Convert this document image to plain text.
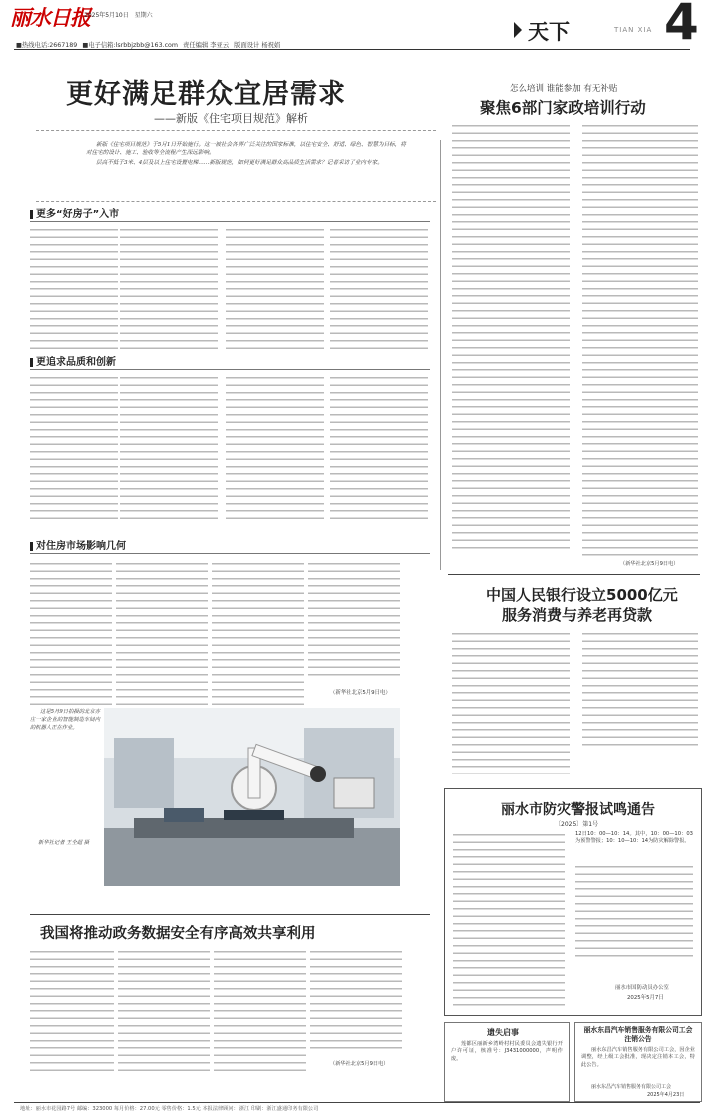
丽水日报
2025年5月10日 星期六
■热线电话:2667189 ■电子信箱:lsrbbjzbb@163.com 责任编辑 李亚云 版面设计 杨祝娟
天下	TIAN XIA 4
更好满足群众宜居需求
——新版《住宅项目规范》解析

新版《住宅项目规范》于5月1日开始施行。这一被社会各界广泛关注的国家标准，以住宅安全、舒适、绿色、智慧为目标，将对住宅的设计、施工、验收等全流程产生深远影响。

层高不低于3米、4层及以上住宅设置电梯……新版规范，如何更好满足群众高品质生活需求？记者采访了业内专家。

更多“好房子”入市
更追求品质和创新
对住房市场影响几何
（新华社北京5月9日电）
怎么培训 谁能参加 有无补贴
聚焦6部门家政培训行动
（新华社北京5月9日电）
中国人民银行设立5000亿元
服务消费与养老再贷款

这是5月9日拍摄的北京亦庄一家企业的智能制造车间内的机器人正在作业。

新华社记者 王全超 摄
我国将推动政务数据安全有序高效共享利用
（新华社北京5月9日电）
丽水市防灾警报试鸣通告
〔2025〕第1号

12日10：00—10：14。其中，10：00—10：03为预警警报；10：10—10：14为防灾解除警报。

丽水市国防动员办公室
2025年5月7日
遗失启事

莲都区丽新乡湾岭村村民委员会遗失银行开户许可证，核准号：J3431000000，声明作废。

丽水东昌汽车销售服务有限公司工会注销公告

丽水东昌汽车销售服务有限公司工会，因企业调整，经上级工会批准，现决定注销本工会，特此公告。

丽水东昌汽车销售服务有限公司工会
2025年4月23日
地址：丽水市花园路7号 邮编：323000 每月价格：27.00元 零售价格：1.5元 本报法律顾问：浙江 印刷：浙江盛通印务有限公司
